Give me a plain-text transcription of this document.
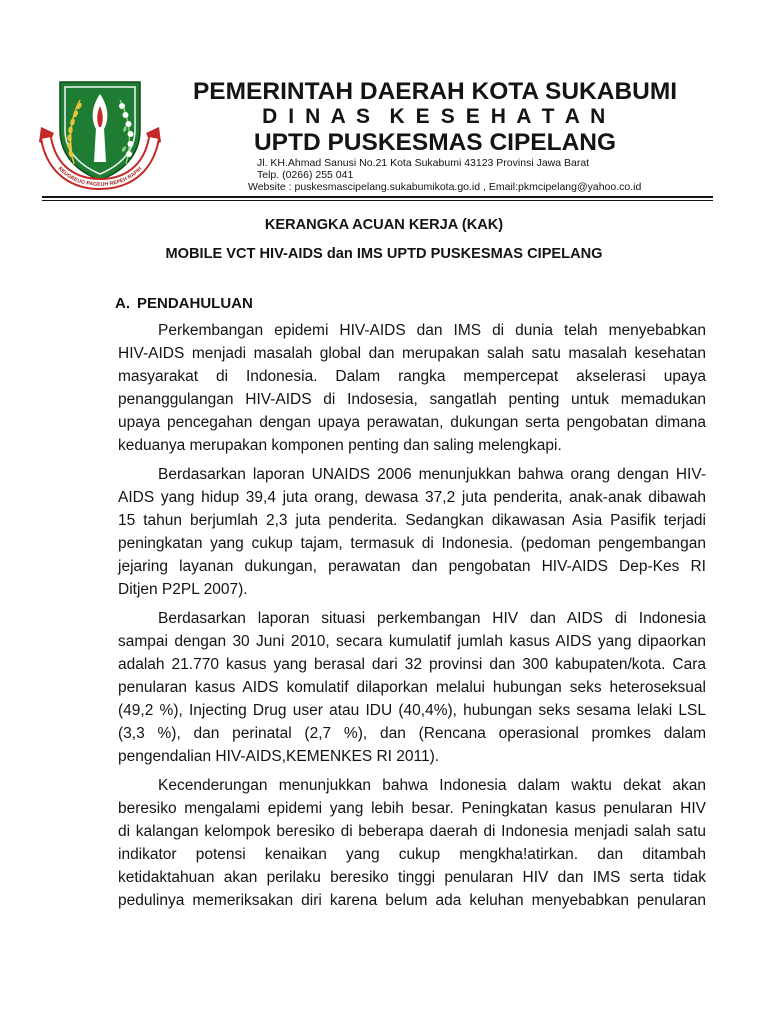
REUGREUG PAGEUH REPEH RAPIH
PEMERINTAH DAERAH KOTA SUKABUMI
D I N A S  K E S E H A T A N
UPTD PUSKESMAS CIPELANG
Jl. KH.Ahmad Sanusi No.21 Kota Sukabumi 43123 Provinsi Jawa Barat
Telp. (0266) 255 041
Website : puskesmascipelang.sukabumikota.go.id , Email:pkmcipelang@yahoo.co.id
KERANGKA ACUAN KERJA (KAK)
MOBILE VCT HIV-AIDS dan IMS UPTD PUSKESMAS CIPELANG
A. PENDAHULUAN
Perkembangan epidemi HIV-AIDS dan IMS di dunia telah menyebabkan
HIV-AIDS menjadi masalah global dan merupakan salah satu masalah kesehatan
masyarakat di Indonesia. Dalam rangka mempercepat akselerasi upaya
penanggulangan HIV-AIDS di Indosesia, sangatlah penting untuk memadukan
upaya pencegahan dengan upaya perawatan, dukungan serta pengobatan dimana
keduanya merupakan komponen penting dan saling melengkapi.
Berdasarkan laporan UNAIDS 2006 menunjukkan bahwa orang dengan HIV-
AIDS yang hidup 39,4 juta orang, dewasa 37,2 juta penderita, anak-anak dibawah
15 tahun berjumlah 2,3 juta penderita. Sedangkan dikawasan Asia Pasifik terjadi
peningkatan yang cukup tajam, termasuk di Indonesia. (pedoman pengembangan
jejaring layanan dukungan, perawatan dan pengobatan HIV-AIDS Dep-Kes RI
Ditjen P2PL 2007).
Berdasarkan laporan situasi perkembangan HIV dan AIDS di Indonesia
sampai dengan 30 Juni 2010, secara kumulatif jumlah kasus AIDS yang dipaorkan
adalah 21.770 kasus yang berasal dari 32 provinsi dan 300 kabupaten/kota. Cara
penularan kasus AIDS komulatif dilaporkan melalui hubungan seks heteroseksual
(49,2 %), Injecting Drug user atau IDU (40,4%), hubungan seks sesama lelaki LSL
(3,3 %), dan perinatal (2,7 %), dan (Rencana operasional promkes dalam
pengendalian HIV-AIDS,KEMENKES RI 2011).
Kecenderungan menunjukkan bahwa Indonesia dalam waktu dekat akan
beresiko mengalami epidemi yang lebih besar. Peningkatan kasus penularan HIV
di kalangan kelompok beresiko di beberapa daerah di Indonesia menjadi salah satu
indikator potensi kenaikan yang cukup mengkha!atirkan. dan ditambah
ketidaktahuan akan perilaku beresiko tinggi penularan HIV dan IMS serta tidak
pedulinya memeriksakan diri karena belum ada keluhan menyebabkan penularan
